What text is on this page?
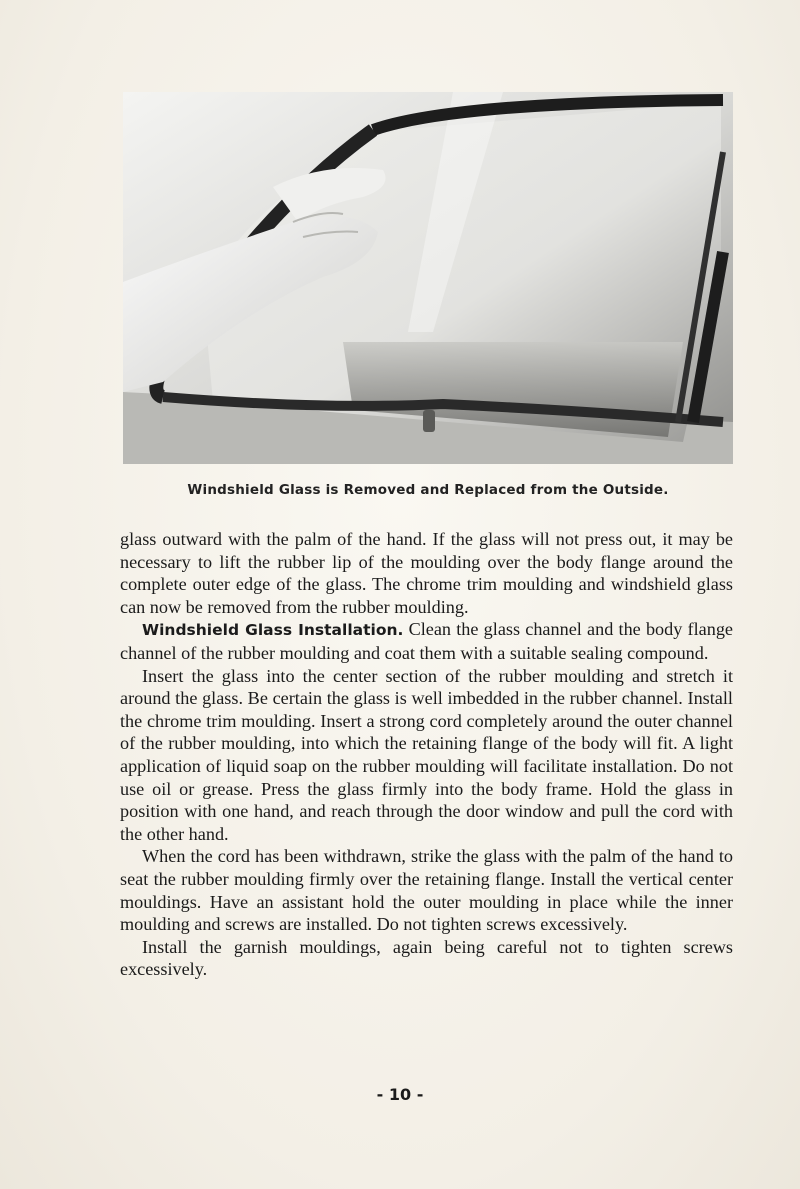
Windshield Glass is Removed and Replaced from the Outside.

glass outward with the palm of the hand. If the glass will not press out, it may be necessary to lift the rubber lip of the moulding over the body flange around the complete outer edge of the glass. The chrome trim moulding and windshield glass can now be removed from the rubber moulding.

Windshield Glass Installation. Clean the glass channel and the body flange channel of the rubber moulding and coat them with a suitable sealing compound.

Insert the glass into the center section of the rubber moulding and stretch it around the glass. Be certain the glass is well imbedded in the rubber channel. Install the chrome trim moulding. Insert a strong cord completely around the outer channel of the rubber moulding, into which the retaining flange of the body will fit. A light application of liquid soap on the rubber moulding will facilitate installation. Do not use oil or grease. Press the glass firmly into the body frame. Hold the glass in position with one hand, and reach through the door window and pull the cord with the other hand.

When the cord has been withdrawn, strike the glass with the palm of the hand to seat the rubber moulding firmly over the retaining flange. Install the vertical center mouldings. Have an assistant hold the outer moulding in place while the inner moulding and screws are installed. Do not tighten screws excessively.

Install the garnish mouldings, again being careful not to tighten screws excessively.

- 10 -
